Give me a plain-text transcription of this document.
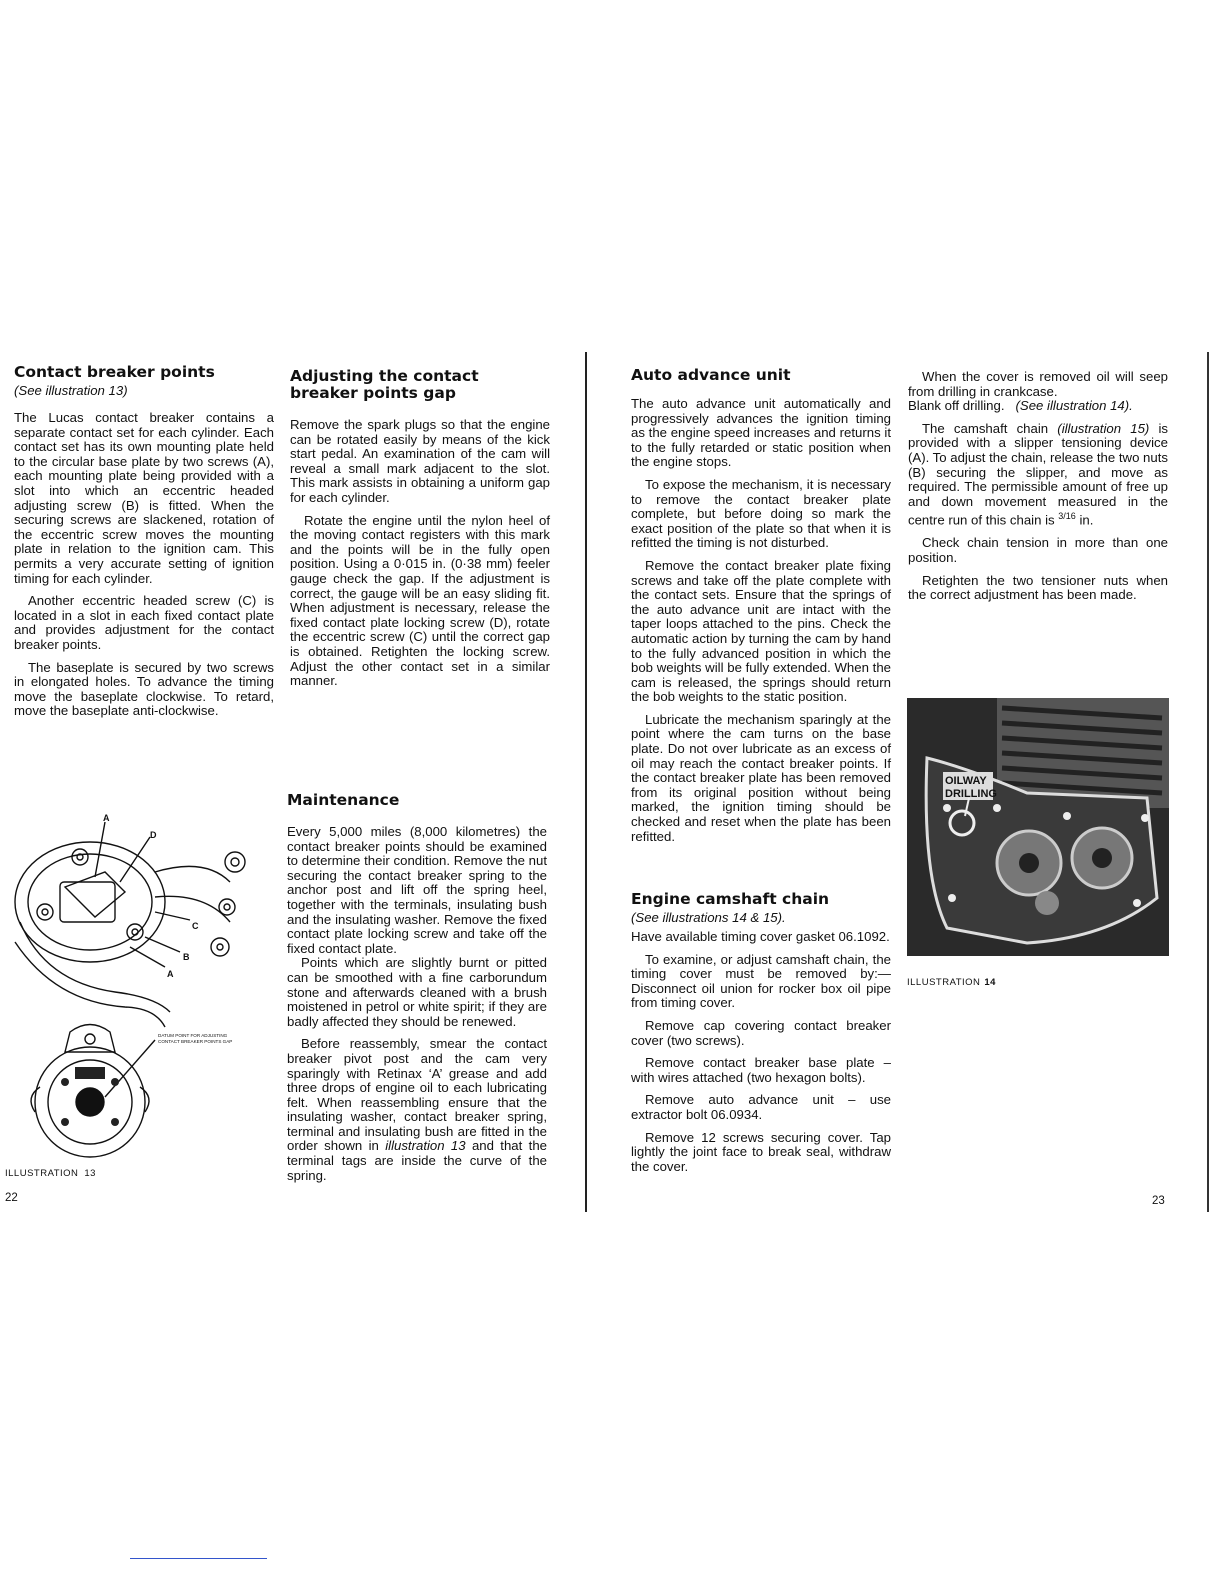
Contact breaker points
(See illustration 13)

The Lucas contact breaker contains a separate contact set for each cylinder. Each contact set has its own mounting plate held to the circular base plate by two screws (A), each mounting plate being provided with a slot into which an eccentric headed adjusting screw (B) is fitted. When the securing screws are slackened, rotation of the eccentric screw moves the mounting plate in relation to the ignition cam. This permits a very accurate setting of ignition timing for each cylinder.

Another eccentric headed screw (C) is located in a slot in each fixed contact plate and provides adjustment for the contact breaker points.

The baseplate is secured by two screws in elongated holes. To advance the timing move the baseplate clockwise. To retard, move the baseplate anti-clockwise.

A
D
C
B
A
DATUM POINT FOR ADJUSTING
CONTACT BREAKER POINTS GAP
ILLUSTRATION 13
22
Adjusting the contact breaker points gap

Remove the spark plugs so that the engine can be rotated easily by means of the kick start pedal. An examination of the cam will reveal a small mark adjacent to the slot. This mark assists in obtaining a uniform gap for each cylinder.

Rotate the engine until the nylon heel of the moving contact registers with this mark and the points will be in the fully open position. Using a 0·015 in. (0·38 mm) feeler gauge check the gap. If the adjustment is correct, the gauge will be an easy sliding fit. When adjustment is necessary, release the fixed contact plate locking screw (D), rotate the eccentric screw (C) until the correct gap is obtained. Retighten the locking screw. Adjust the other contact set in a similar manner.

Maintenance

Every 5,000 miles (8,000 kilometres) the contact breaker points should be examined to determine their condition. Remove the nut securing the contact breaker spring to the anchor post and lift off the spring heel, together with the terminals, insulating bush and the insulating washer. Remove the fixed contact plate locking screw and take off the fixed contact plate.

Points which are slightly burnt or pitted can be smoothed with a fine carborundum stone and afterwards cleaned with a brush moistened in petrol or white spirit; if they are badly affected they should be renewed.

Before reassembly, smear the contact breaker pivot post and the cam very sparingly with Retinax ‘A’ grease and add three drops of engine oil to each lubricating felt. When reassembling ensure that the insulating washer, contact breaker spring, terminal and insulating bush are fitted in the order shown in illustration 13 and that the terminal tags are inside the curve of the spring.

Auto advance unit

The auto advance unit automatically and progressively advances the ignition timing as the engine speed increases and returns it to the fully retarded or static position when the engine stops.

To expose the mechanism, it is necessary to remove the contact breaker plate complete, but before doing so mark the exact position of the plate so that when it is refitted the timing is not disturbed.

Remove the contact breaker plate fixing screws and take off the plate complete with the contact sets. Ensure that the springs of the auto advance unit are intact with the taper loops attached to the pins. Check the automatic action by turning the cam by hand to the fully advanced position in which the bob weights will be fully extended. When the cam is released, the springs should return the bob weights to the static position.

Lubricate the mechanism sparingly at the point where the cam turns on the base plate. Do not over lubricate as an excess of oil may reach the contact breaker points. If the contact breaker plate has been removed from its original position without being marked, the ignition timing should be checked and reset when the plate has been refitted.

Engine camshaft chain
(See illustrations 14 & 15).

Have available timing cover gasket 06.1092.

To examine, or adjust camshaft chain, the timing cover must be removed by:— Disconnect oil union for rocker box oil pipe from timing cover.

Remove cap covering contact breaker cover (two screws).

Remove contact breaker base plate – with wires attached (two hexagon bolts).

Remove auto advance unit – use extractor bolt 06.0934.

Remove 12 screws securing cover. Tap lightly the joint face to break seal, withdraw the cover.

When the cover is removed oil will seep from drilling in crankcase.

Blank off drilling. (See illustration 14).

The camshaft chain (illustration 15) is provided with a slipper tensioning device (A). To adjust the chain, release the two nuts (B) securing the slipper, and move as required. The permissible amount of free up and down movement measured in the centre run of this chain is $^{3/16}$ in.

Check chain tension in more than one position.

Retighten the two tensioner nuts when the correct adjustment has been made.

OILWAY
DRILLING
ILLUSTRATION 14
23
